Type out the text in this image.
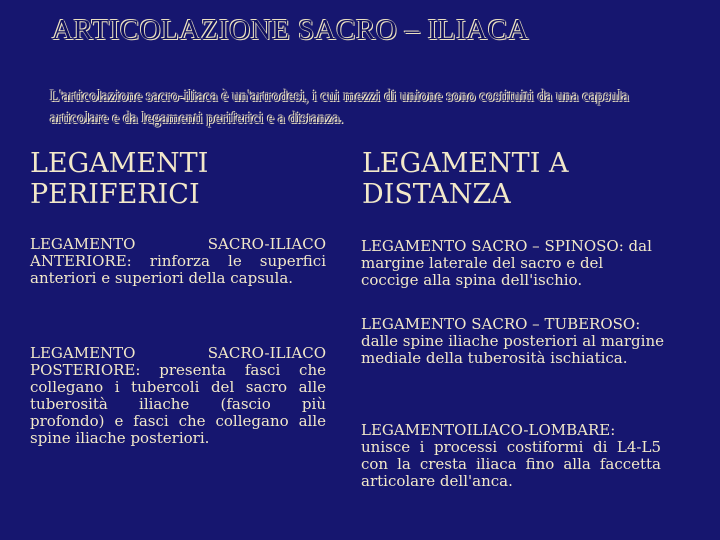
ARTICOLAZIONE SACRO – ILIACA
L'articolazione sacro-iliaca è un'artrodesi, i cui mezzi di unione sono costituiti da una capsula articolare e da legamenti periferici e a distanza.
LEGAMENTI PERIFERICI
LEGAMENTI A DISTANZA
LEGAMENTO SACRO-ILIACO ANTERIORE: rinforza le superfici anteriori e superiori della capsula.
LEGAMENTO SACRO-ILIACO POSTERIORE: presenta fasci che collegano i tubercoli del sacro alle tuberosità iliache (fascio più profondo) e fasci che collegano alle spine iliache posteriori.
LEGAMENTO SACRO – SPINOSO: dal margine laterale del sacro e del coccige alla spina dell'ischio.
LEGAMENTO SACRO – TUBEROSO: dalle spine iliache posteriori al margine mediale della tuberosità ischiatica.
LEGAMENTOILIACO-LOMBARE: unisce i processi costiformi di L4-L5 con la cresta iliaca fino alla faccetta articolare dell'anca.
